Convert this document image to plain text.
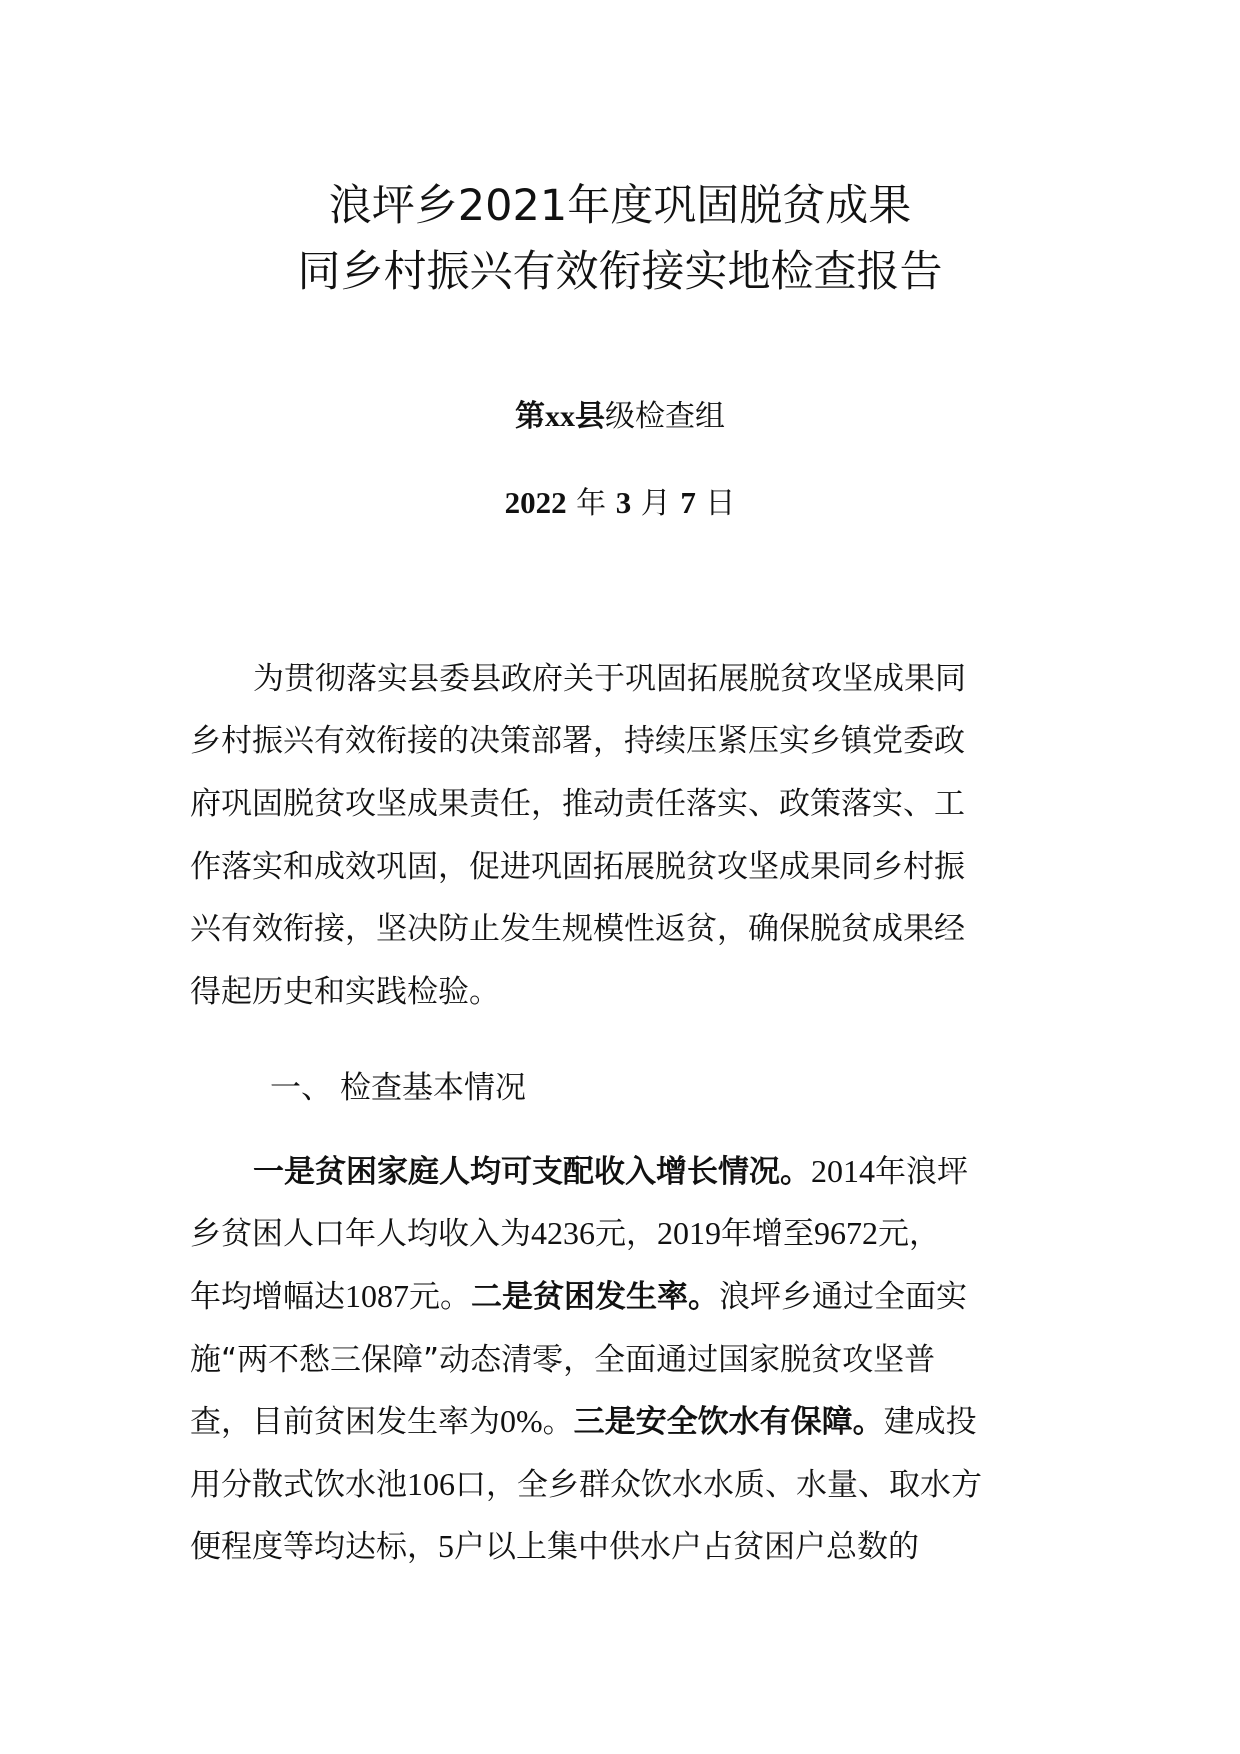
浪坪乡2021年度巩固脱贫成果
同乡村振兴有效衔接实地检查报告
第xx县级检查组
2022 年 3 月 7 日
为贯彻落实县委县政府关于巩固拓展脱贫攻坚成果同
乡村振兴有效衔接的决策部署，持续压紧压实乡镇党委政
府巩固脱贫攻坚成果责任，推动责任落实、政策落实、工
作落实和成效巩固，促进巩固拓展脱贫攻坚成果同乡村振
兴有效衔接，坚决防止发生规模性返贫，确保脱贫成果经
得起历史和实践检验。
一、 检查基本情况
一是贫困家庭人均可支配收入增长情况。2014年浪坪
乡贫困人口年人均收入为4236元，2019年增至9672元，
年均增幅达1087元。二是贫困发生率。浪坪乡通过全面实
施“两不愁三保障”动态清零，全面通过国家脱贫攻坚普
查，目前贫困发生率为0%。三是安全饮水有保障。建成投
用分散式饮水池106口，全乡群众饮水水质、水量、取水方
便程度等均达标，5户以上集中供水户占贫困户总数的
